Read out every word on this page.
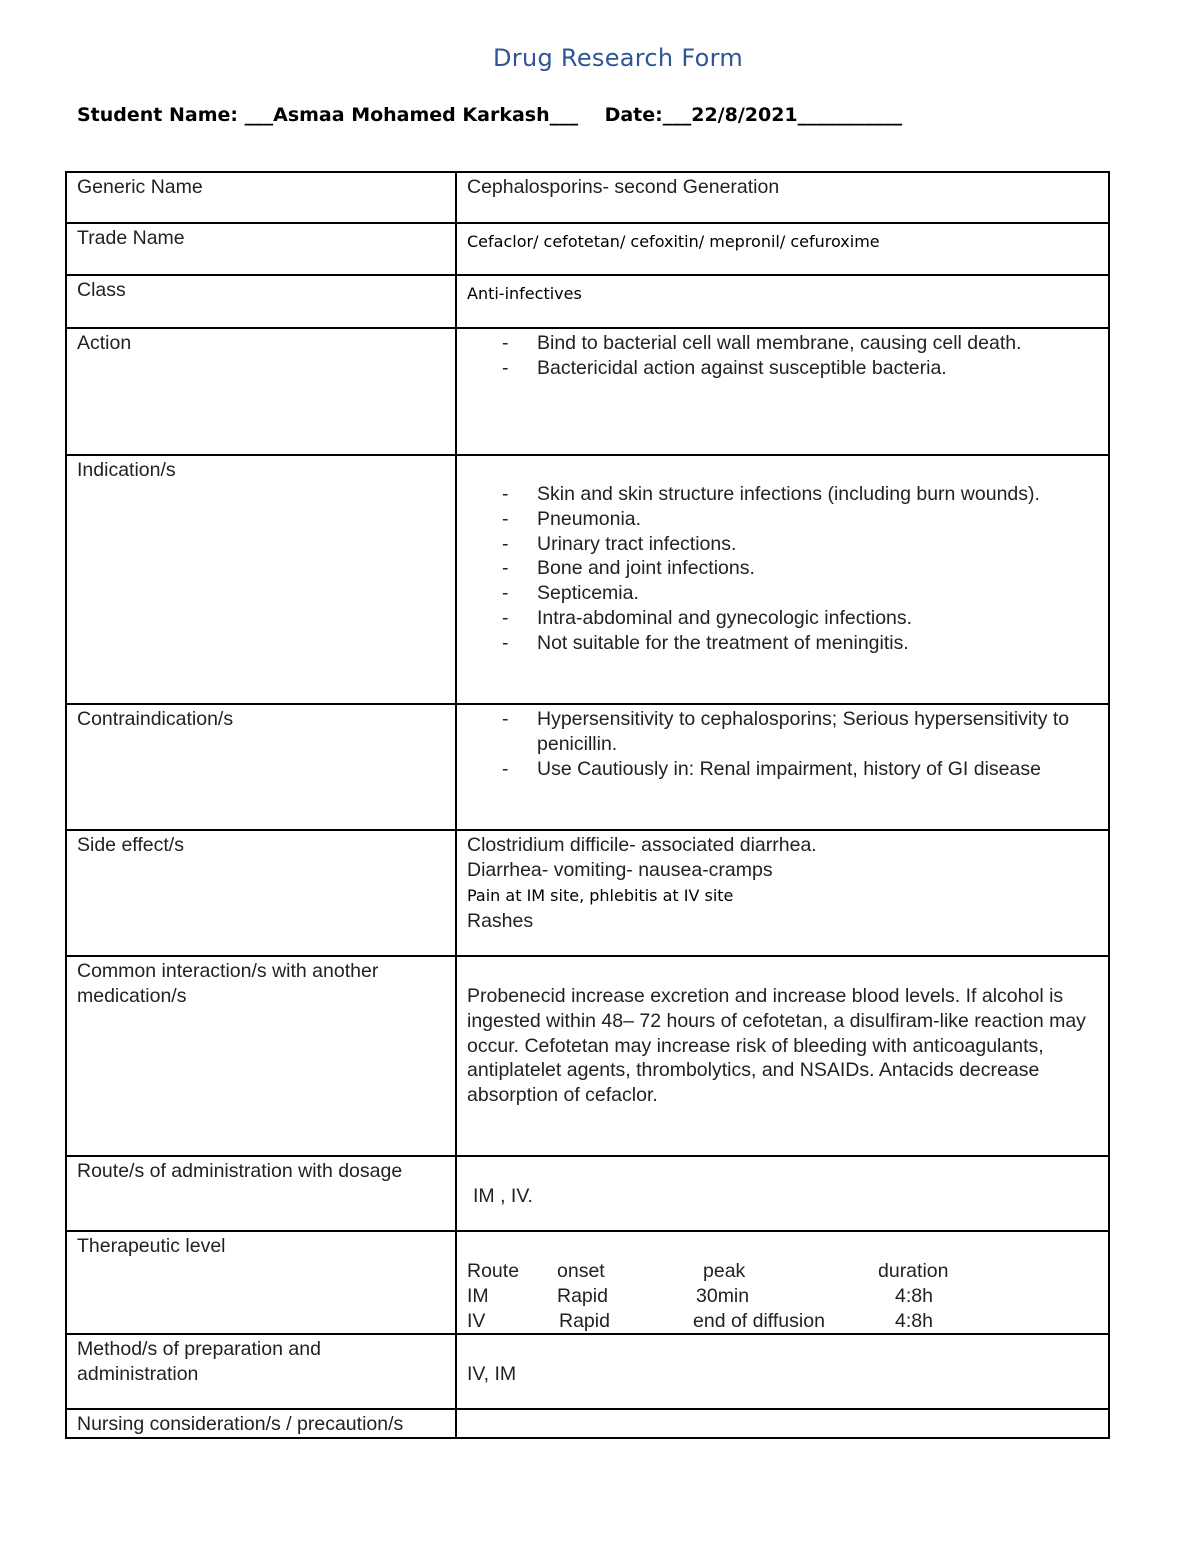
Drug Research Form
Student Name: ___Asmaa Mohamed Karkash___    Date:___22/8/2021___________
Generic Name	Cephalosporins- second Generation
Trade Name	Cefaclor/ cefotetan/ cefoxitin/ mepronil/ cefuroxime

Class	Anti-infectives

Action	
-Bind to bacterial cell wall membrane, causing cell death.
- Bactericidal action against susceptible bacteria.

Indication/s	
- Skin and skin structure infections (including burn wounds).
- Pneumonia.
- Urinary tract infections.
- Bone and joint infections.
- Septicemia.
- Intra-abdominal and gynecologic infections.
- Not suitable for the treatment of meningitis.

Contraindication/s	
-Hypersensitivity to cephalosporins; Serious hypersensitivity to penicillin.
- Use Cautiously in: Renal impairment, history of GI disease

Side effect/s	Clostridium difficile- associated diarrhea.
Diarrhea- vomiting- nausea-cramps
Pain at IM site, phlebitis at IV site
Rashes

Common interaction/s with another medication/s	Probenecid increase excretion and increase blood levels. If alcohol is ingested within 48– 72 hours of cefotetan, a disulfiram-like reaction may occur. Cefotetan may increase risk of bleeding with anticoagulants, antiplatelet agents, thrombolytics, and NSAIDs. Antacids decrease absorption of cefaclor.

Route/s of administration with dosage	
IM , IV.

Therapeutic level	
Route	onset	peak	duration
IM	Rapid	30min	4:8h
IV	Rapid	end of diffusion	4:8h

Method/s of preparation and administration	IV, IM

Nursing consideration/s / precaution/s	
